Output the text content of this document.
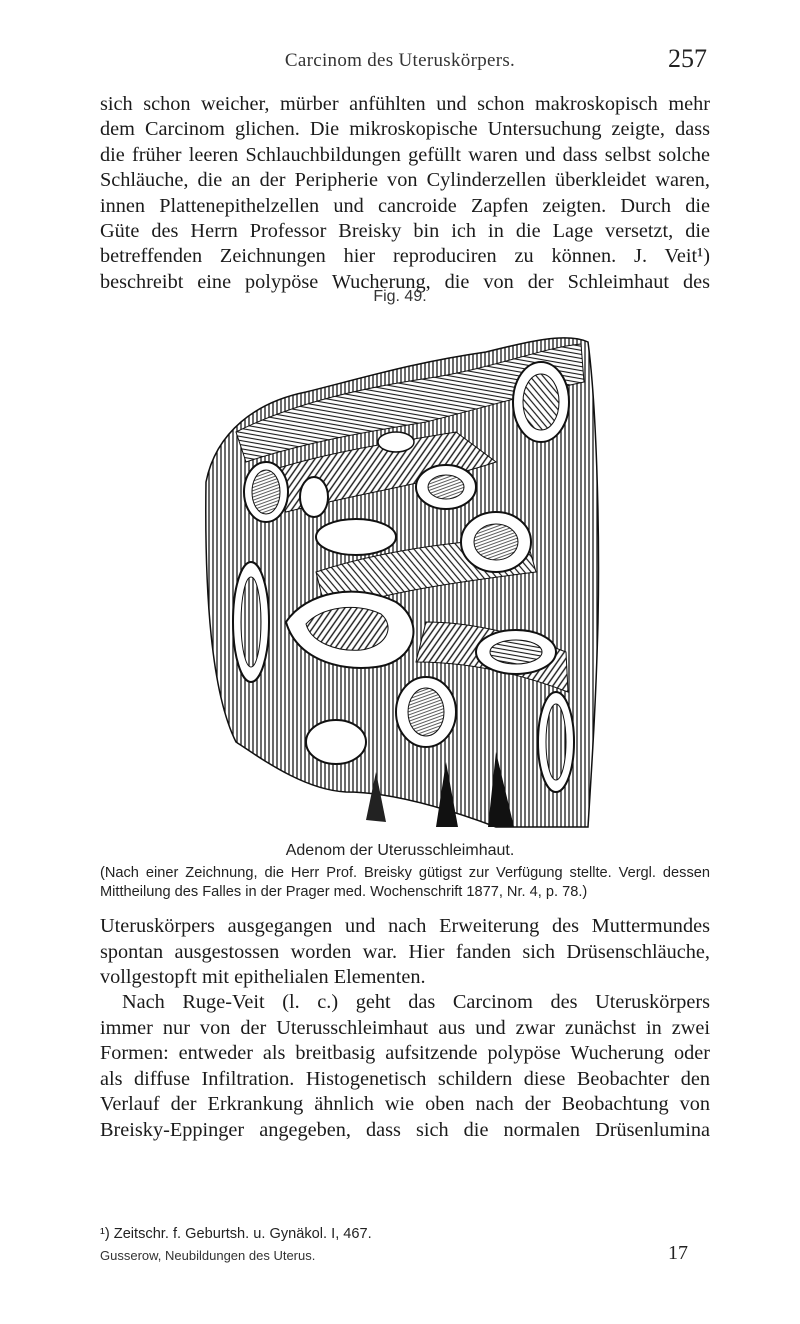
Carcinom des Uteruskörpers.	257
sich schon weicher, mürber anfühlten und schon makroskopisch mehr
dem Carcinom glichen. Die mikroskopische Untersuchung zeigte, dass
die früher leeren Schlauchbildungen gefüllt waren und dass selbst solche
Schläuche, die an der Peripherie von Cylinderzellen überkleidet waren,
innen Plattenepithelzellen und cancroide Zapfen zeigten. Durch die
Güte des Herrn Professor Breisky bin ich in die Lage versetzt, die
betreffenden Zeichnungen hier reproduciren zu können. J. Veit¹)
beschreibt eine polypöse Wucherung, die von der Schleimhaut des
Fig. 49.
Adenom der Uterusschleimhaut.
(Nach einer Zeichnung, die Herr Prof. Breisky gütigst zur Verfügung stellte. Vergl. dessen Mittheilung des Falles in der Prager med. Wochenschrift 1877, Nr. 4, p. 78.)
Uteruskörpers ausgegangen und nach Erweiterung des Muttermundes
spontan ausgestossen worden war. Hier fanden sich Drüsenschläuche,
vollgestopft mit epithelialen Elementen.
Nach Ruge-Veit (l. c.) geht das Carcinom des Uteruskörpers
immer nur von der Uterusschleimhaut aus und zwar zunächst in zwei
Formen: entweder als breitbasig aufsitzende polypöse Wucherung oder
als diffuse Infiltration. Histogenetisch schildern diese Beobachter den
Verlauf der Erkrankung ähnlich wie oben nach der Beobachtung von
Breisky-Eppinger angegeben, dass sich die normalen Drüsenlumina
¹) Zeitschr. f. Geburtsh. u. Gynäkol. I, 467.
Gusserow, Neubildungen des Uterus.	17
